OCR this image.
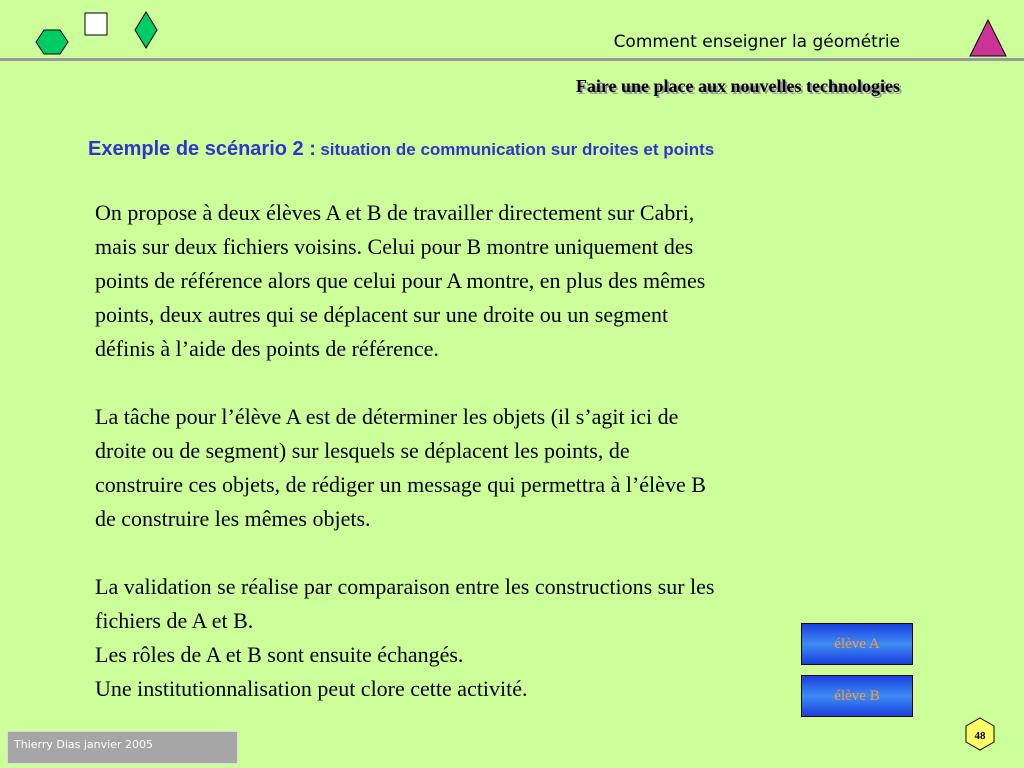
Comment enseigner la géométrie
Faire une place aux nouvelles technologies
Exemple de scénario 2 : situation de communication sur droites et points

On propose à deux élèves A et B de travailler directement sur Cabri,
mais sur deux fichiers voisins. Celui pour B montre uniquement des
points de référence alors que celui pour A montre, en plus des mêmes
points, deux autres qui se déplacent sur une droite ou un segment
définis à l’aide des points de référence.

La tâche pour l’élève A est de déterminer les objets (il s’agit ici de
droite ou de segment) sur lesquels se déplacent les points, de
construire ces objets, de rédiger un message qui permettra à l’élève B
de construire les mêmes objets.

La validation se réalise par comparaison entre les constructions sur les
fichiers de A et B.
Les rôles de A et B sont ensuite échangés.
Une institutionnalisation peut clore cette activité.

élève A
élève B
48
Thierry Dias janvier 2005
